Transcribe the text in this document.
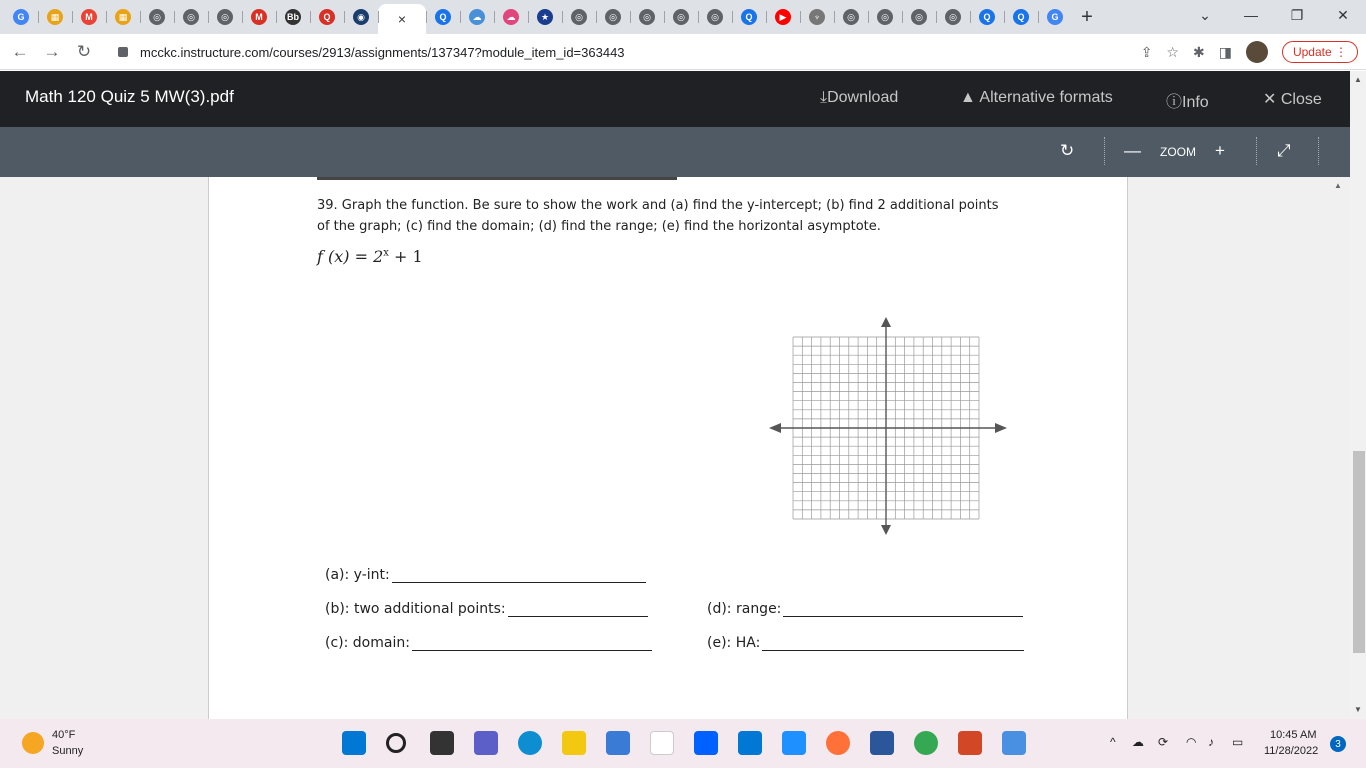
G	▦	M	▦	◎	◎	◎	M	Bb	Q	◉ ×	Q	☁	☁	★	◎	◎	◎	◎	◎	Q	▶	♆	◎	◎	◎	◎	Q	Q	G	+	⌄	—	❐	✕
← → ↻	mcckc.instructure.com/courses/2913/assignments/137347?module_item_id=363443	⇪ ☆ ✱ ◨	Update ⋮
Math 120 Quiz 5 MW(3).pdf	⤓Download	▲ Alternative formats	ⓘInfo	✕ Close
↻	— ZOOM +	⤢
39. Graph the function. Be sure to show the work and (a) find the y-intercept; (b) find 2 additional points of the graph; (c) find the domain; (d) find the range; (e) find the horizontal asymptote.
f $(x) = 2^x + 1$
(a): y-int:
(b): two additional points:
(c): domain:
(d): range:
(e): HA:
▲
▲
▼
40°F
Sunny
^ ☁ ⟳ ◠ ♪ ▭ 10:45 AM
11/28/2022
3
